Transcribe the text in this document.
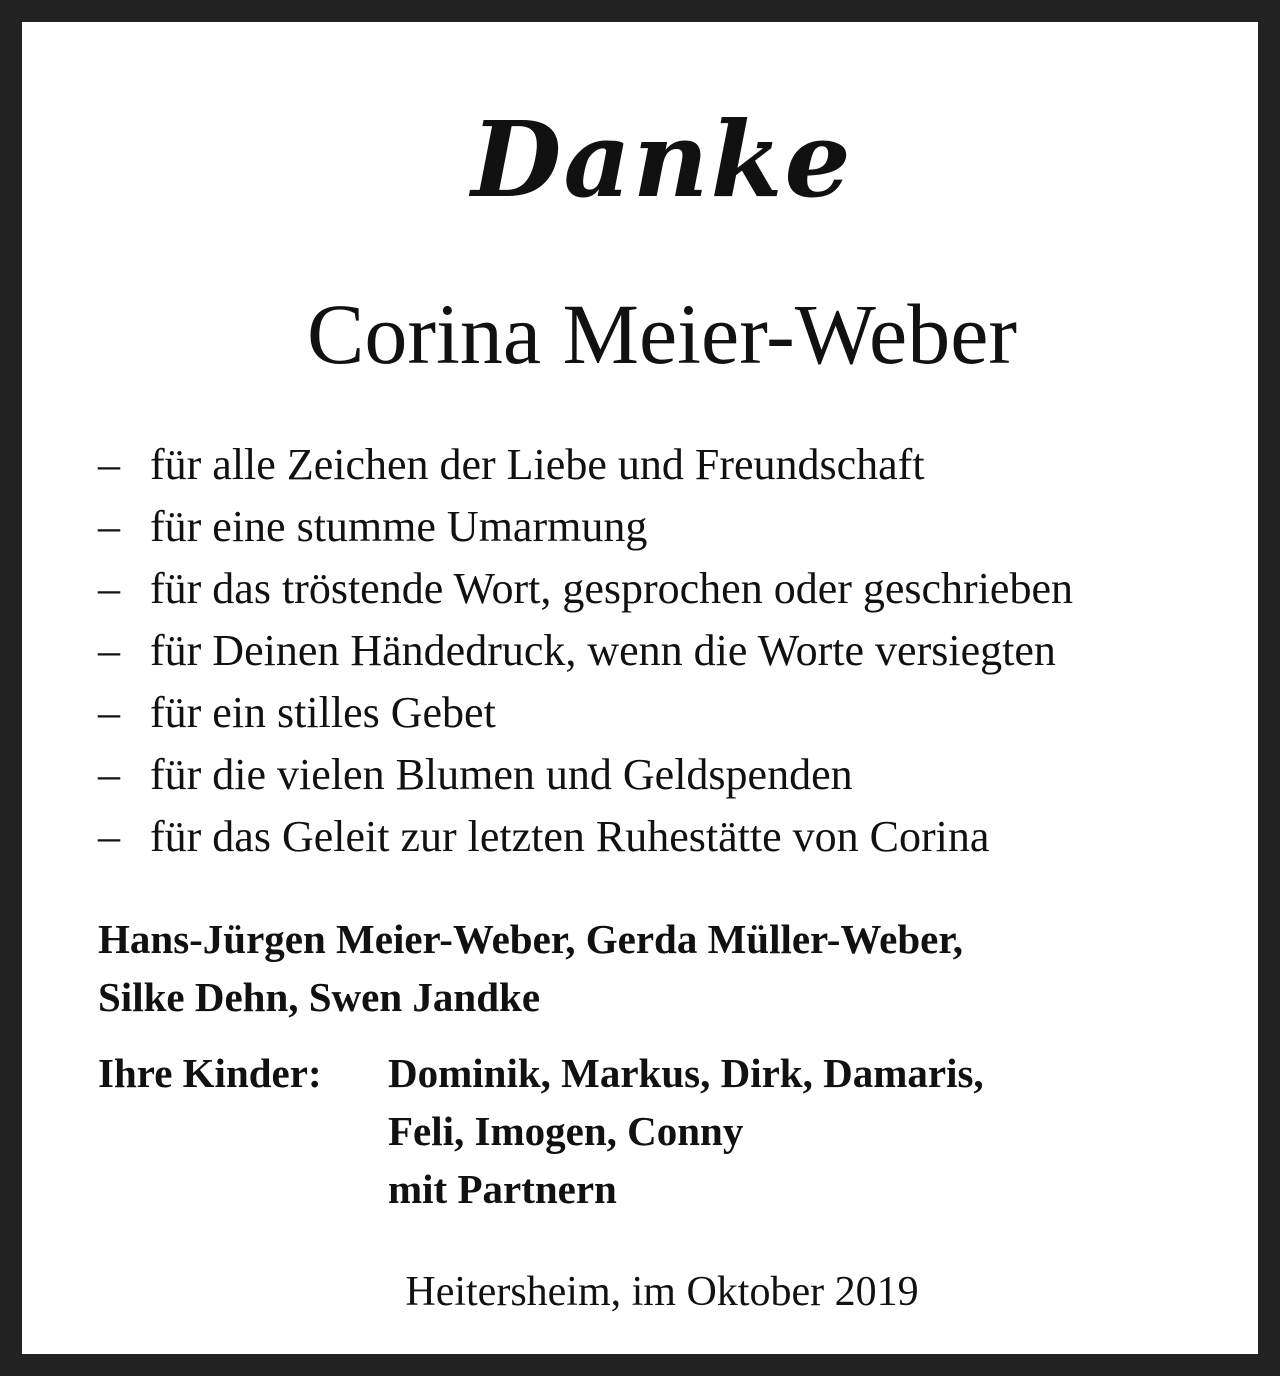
Danke
Corina Meier-Weber
– für alle Zeichen der Liebe und Freundschaft
– für eine stumme Umarmung
– für das tröstende Wort, gesprochen oder geschrieben
– für Deinen Händedruck, wenn die Worte versiegten
– für ein stilles Gebet
– für die vielen Blumen und Geldspenden
– für das Geleit zur letzten Ruhestätte von Corina
Hans-Jürgen Meier-Weber, Gerda Müller-Weber,
Silke Dehn, Swen Jandke
Ihre Kinder: Dominik, Markus, Dirk, Damaris,
Feli, Imogen, Conny
mit Partnern
Heitersheim, im Oktober 2019
